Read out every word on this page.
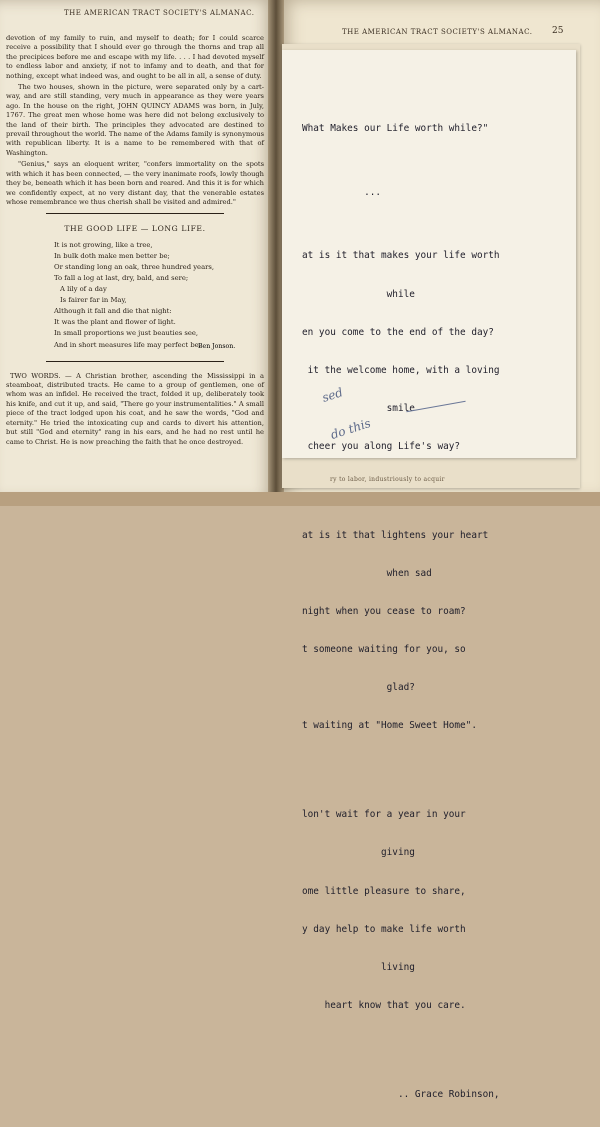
THE AMERICAN TRACT SOCIETY'S ALMANAC.

devotion of my family to ruin, and myself to death; for I could scarce receive a possibility that I should ever go through the thorns and trap all the precipices before me and escape with my life. . . . I had devoted myself to endless labor and anxiety, if not to infamy and to death, and that for nothing, except what indeed was, and ought to be all in all, a sense of duty.

The two houses, shown in the picture, were separated only by a cart-way, and are still standing, very much in appearance as they were years ago. In the house on the right, JOHN QUINCY ADAMS was born, in July, 1767. The great men whose home was here did not belong exclusively to the land of their birth. The principles they advocated are destined to prevail throughout the world. The name of the Adams family is synonymous with republican liberty. It is a name to be remembered with that of Washington.

"Genius," says an eloquent writer, "confers immortality on the spots with which it has been connected, — the very inanimate roofs, lowly though they be, beneath which it has been born and reared. And this it is for which we confidently expect, at no very distant day, that the venerable estates whose remembrance we thus cherish shall be visited and admired."

THE GOOD LIFE — LONG LIFE.
It is not growing, like a tree,
In bulk doth make men better be;
Or standing long an oak, three hundred years,
To fall a log at last, dry, bald, and sere;
A lily of a day
Is fairer far in May,
Although it fall and die that night:
It was the plant and flower of light.
In small proportions we just beauties see,
And in short measures life may perfect be.

TWO WORDS. — A Christian brother, ascending the Mississippi in a steamboat, distributed tracts. He came to a group of gentlemen, one of whom was an infidel. He received the tract, folded it up, deliberately took his knife, and cut it up, and said, "There go your instrumentalities." A small piece of the tract lodged upon his coat, and he saw the words, "God and eternity." He tried the intoxicating cup and cards to divert his attention, but still "God and eternity" rang in his ears, and he had no rest until he came to Christ. He is now preaching the faith that he once destroyed.

Ben Jonson.
THE AMERICAN TRACT SOCIETY'S ALMANAC. 25
ry to labor, industriously to acquir

What Makes our Life worth while?"

...

at is it that makes your life worth

while

en you come to the end of the day?

it the welcome home, with a loving

smile

cheer you along Life's way?

at is it that lightens your heart

when sad

night when you cease to roam?

t someone waiting for you, so

glad?

t waiting at "Home Sweet Home".

lon't wait for a year in your

giving

ome little pleasure to share,

y day help to make life worth

living

heart know that you care.

.. Grace Robinson,

sed
do this
